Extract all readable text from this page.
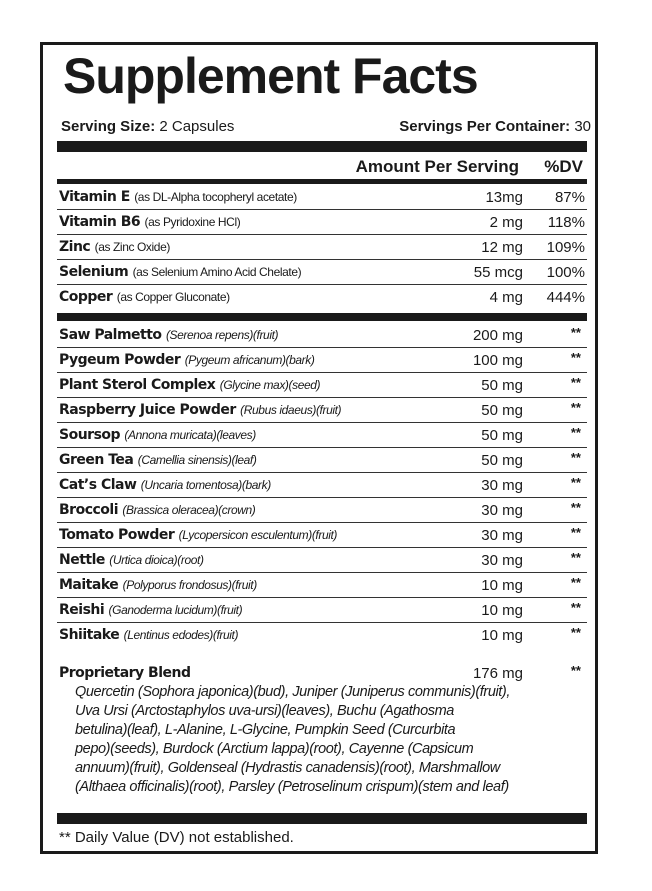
Supplement Facts
Serving Size: 2 Capsules	Servings Per Container: 30
Amount Per Serving %DV
Vitamin E (as DL-Alpha tocopheryl acetate)	13mg 87%
Vitamin B6 (as Pyridoxine HCl)	2 mg 118%
Zinc (as Zinc Oxide)	12 mg 109%
Selenium (as Selenium Amino Acid Chelate)	55 mcg 100%
Copper (as Copper Gluconate)	4 mg 444%
Saw Palmetto (Serenoa repens)(fruit)	200 mg	**
Pygeum Powder (Pygeum africanum)(bark)	100 mg	**
Plant Sterol Complex (Glycine max)(seed)	50 mg	**
Raspberry Juice Powder (Rubus idaeus)(fruit)	50 mg	**
Soursop (Annona muricata)(leaves)	50 mg	**
Green Tea (Camellia sinensis)(leaf)	50 mg	**
Cat’s Claw (Uncaria tomentosa)(bark)	30 mg	**
Broccoli (Brassica oleracea)(crown)	30 mg	**
Tomato Powder (Lycopersicon esculentum)(fruit)	30 mg	**
Nettle (Urtica dioica)(root)	30 mg	**
Maitake (Polyporus frondosus)(fruit)	10 mg	**
Reishi (Ganoderma lucidum)(fruit)	10 mg	**
Shiitake (Lentinus edodes)(fruit)	10 mg	**
Proprietary Blend	176 mg	**
Quercetin (Sophora japonica)(bud), Juniper (Juniperus communis)(fruit),
Uva Ursi (Arctostaphylos uva-ursi)(leaves), Buchu (Agathosma
betulina)(leaf), L-Alanine, L-Glycine, Pumpkin Seed (Curcurbita
pepo)(seeds), Burdock (Arctium lappa)(root), Cayenne (Capsicum
annuum)(fruit), Goldenseal (Hydrastis canadensis)(root), Marshmallow
(Althaea officinalis)(root), Parsley (Petroselinum crispum)(stem and leaf)
** Daily Value (DV) not established.
